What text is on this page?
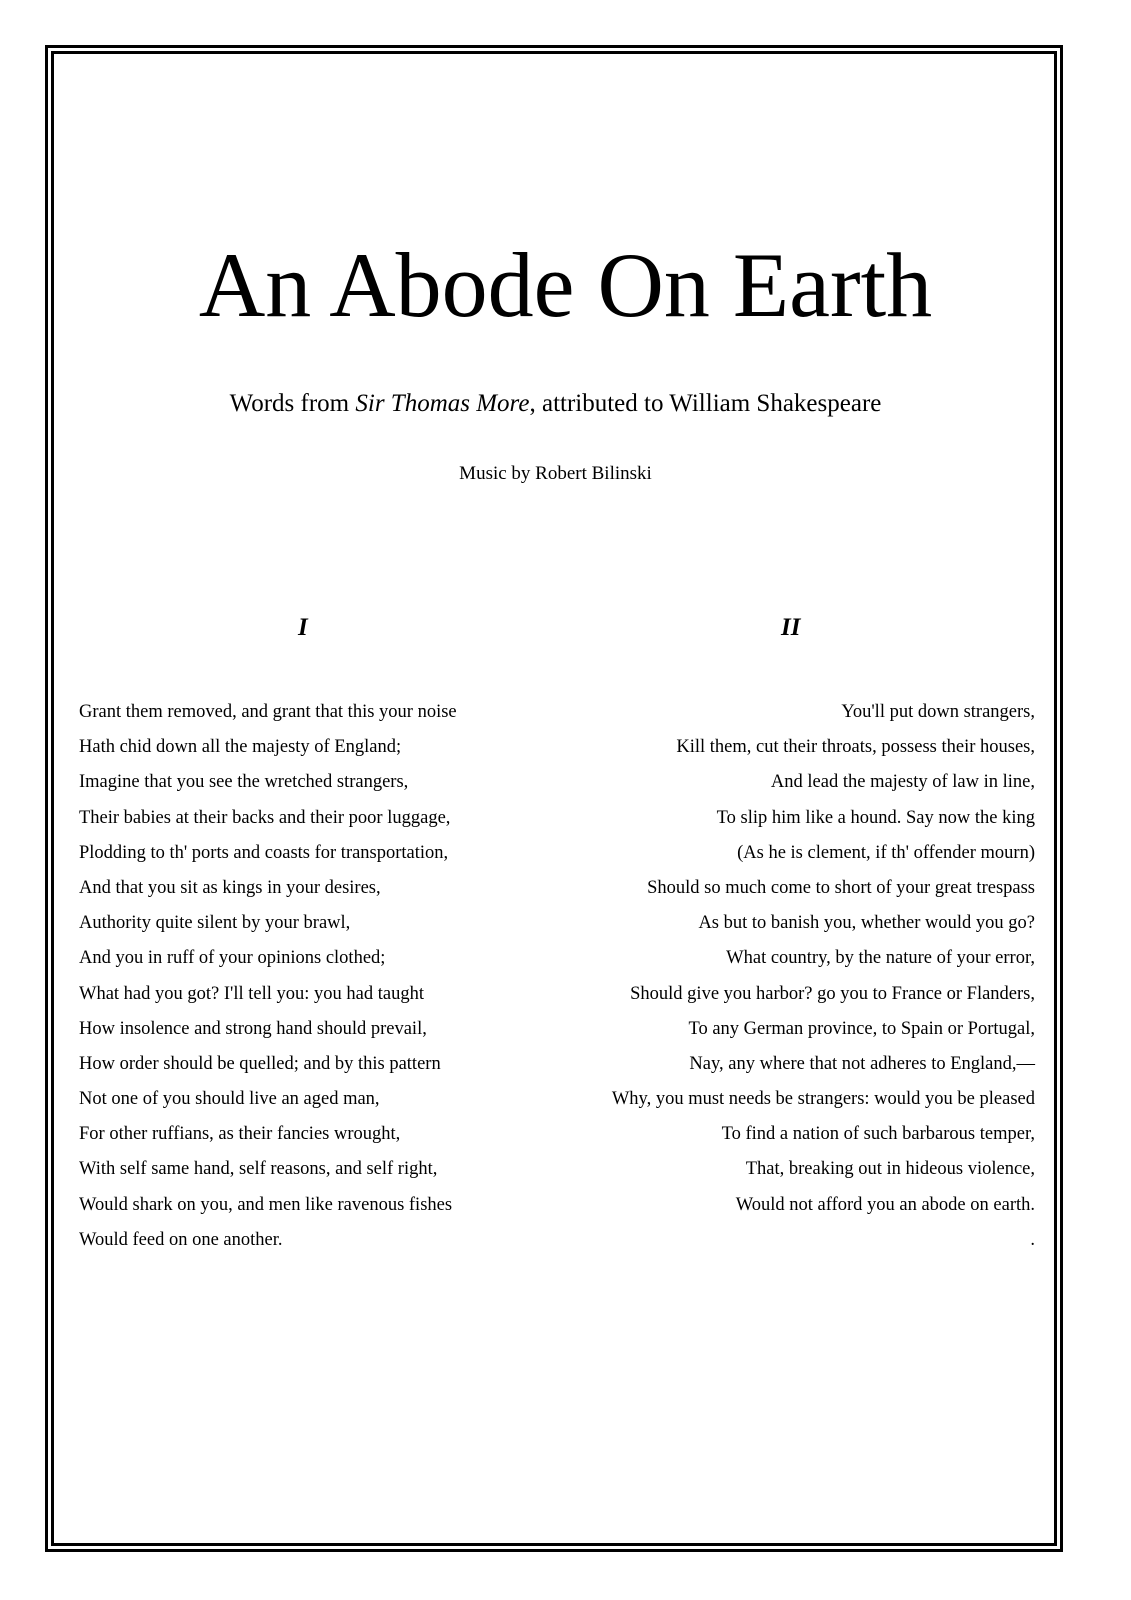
An Abode On Earth
Words from Sir Thomas More, attributed to William Shakespeare
Music by Robert Bilinski
I	II
Grant them removed, and grant that this your noise
Hath chid down all the majesty of England;
Imagine that you see the wretched strangers,
Their babies at their backs and their poor luggage,
Plodding to th' ports and coasts for transportation,
And that you sit as kings in your desires,
Authority quite silent by your brawl,
And you in ruff of your opinions clothed;
What had you got? I'll tell you: you had taught
How insolence and strong hand should prevail,
How order should be quelled; and by this pattern
Not one of you should live an aged man,
For other ruffians, as their fancies wrought,
With self same hand, self reasons, and self right,
Would shark on you, and men like ravenous fishes
Would feed on one another.
You'll put down strangers,
Kill them, cut their throats, possess their houses,
And lead the majesty of law in line,
To slip him like a hound. Say now the king
(As he is clement, if th' offender mourn)
Should so much come to short of your great trespass
As but to banish you, whether would you go?
What country, by the nature of your error,
Should give you harbor? go you to France or Flanders,
To any German province, to Spain or Portugal,
Nay, any where that not adheres to England,—
Why, you must needs be strangers: would you be pleased
To find a nation of such barbarous temper,
That, breaking out in hideous violence,
Would not afford you an abode on earth.
.
